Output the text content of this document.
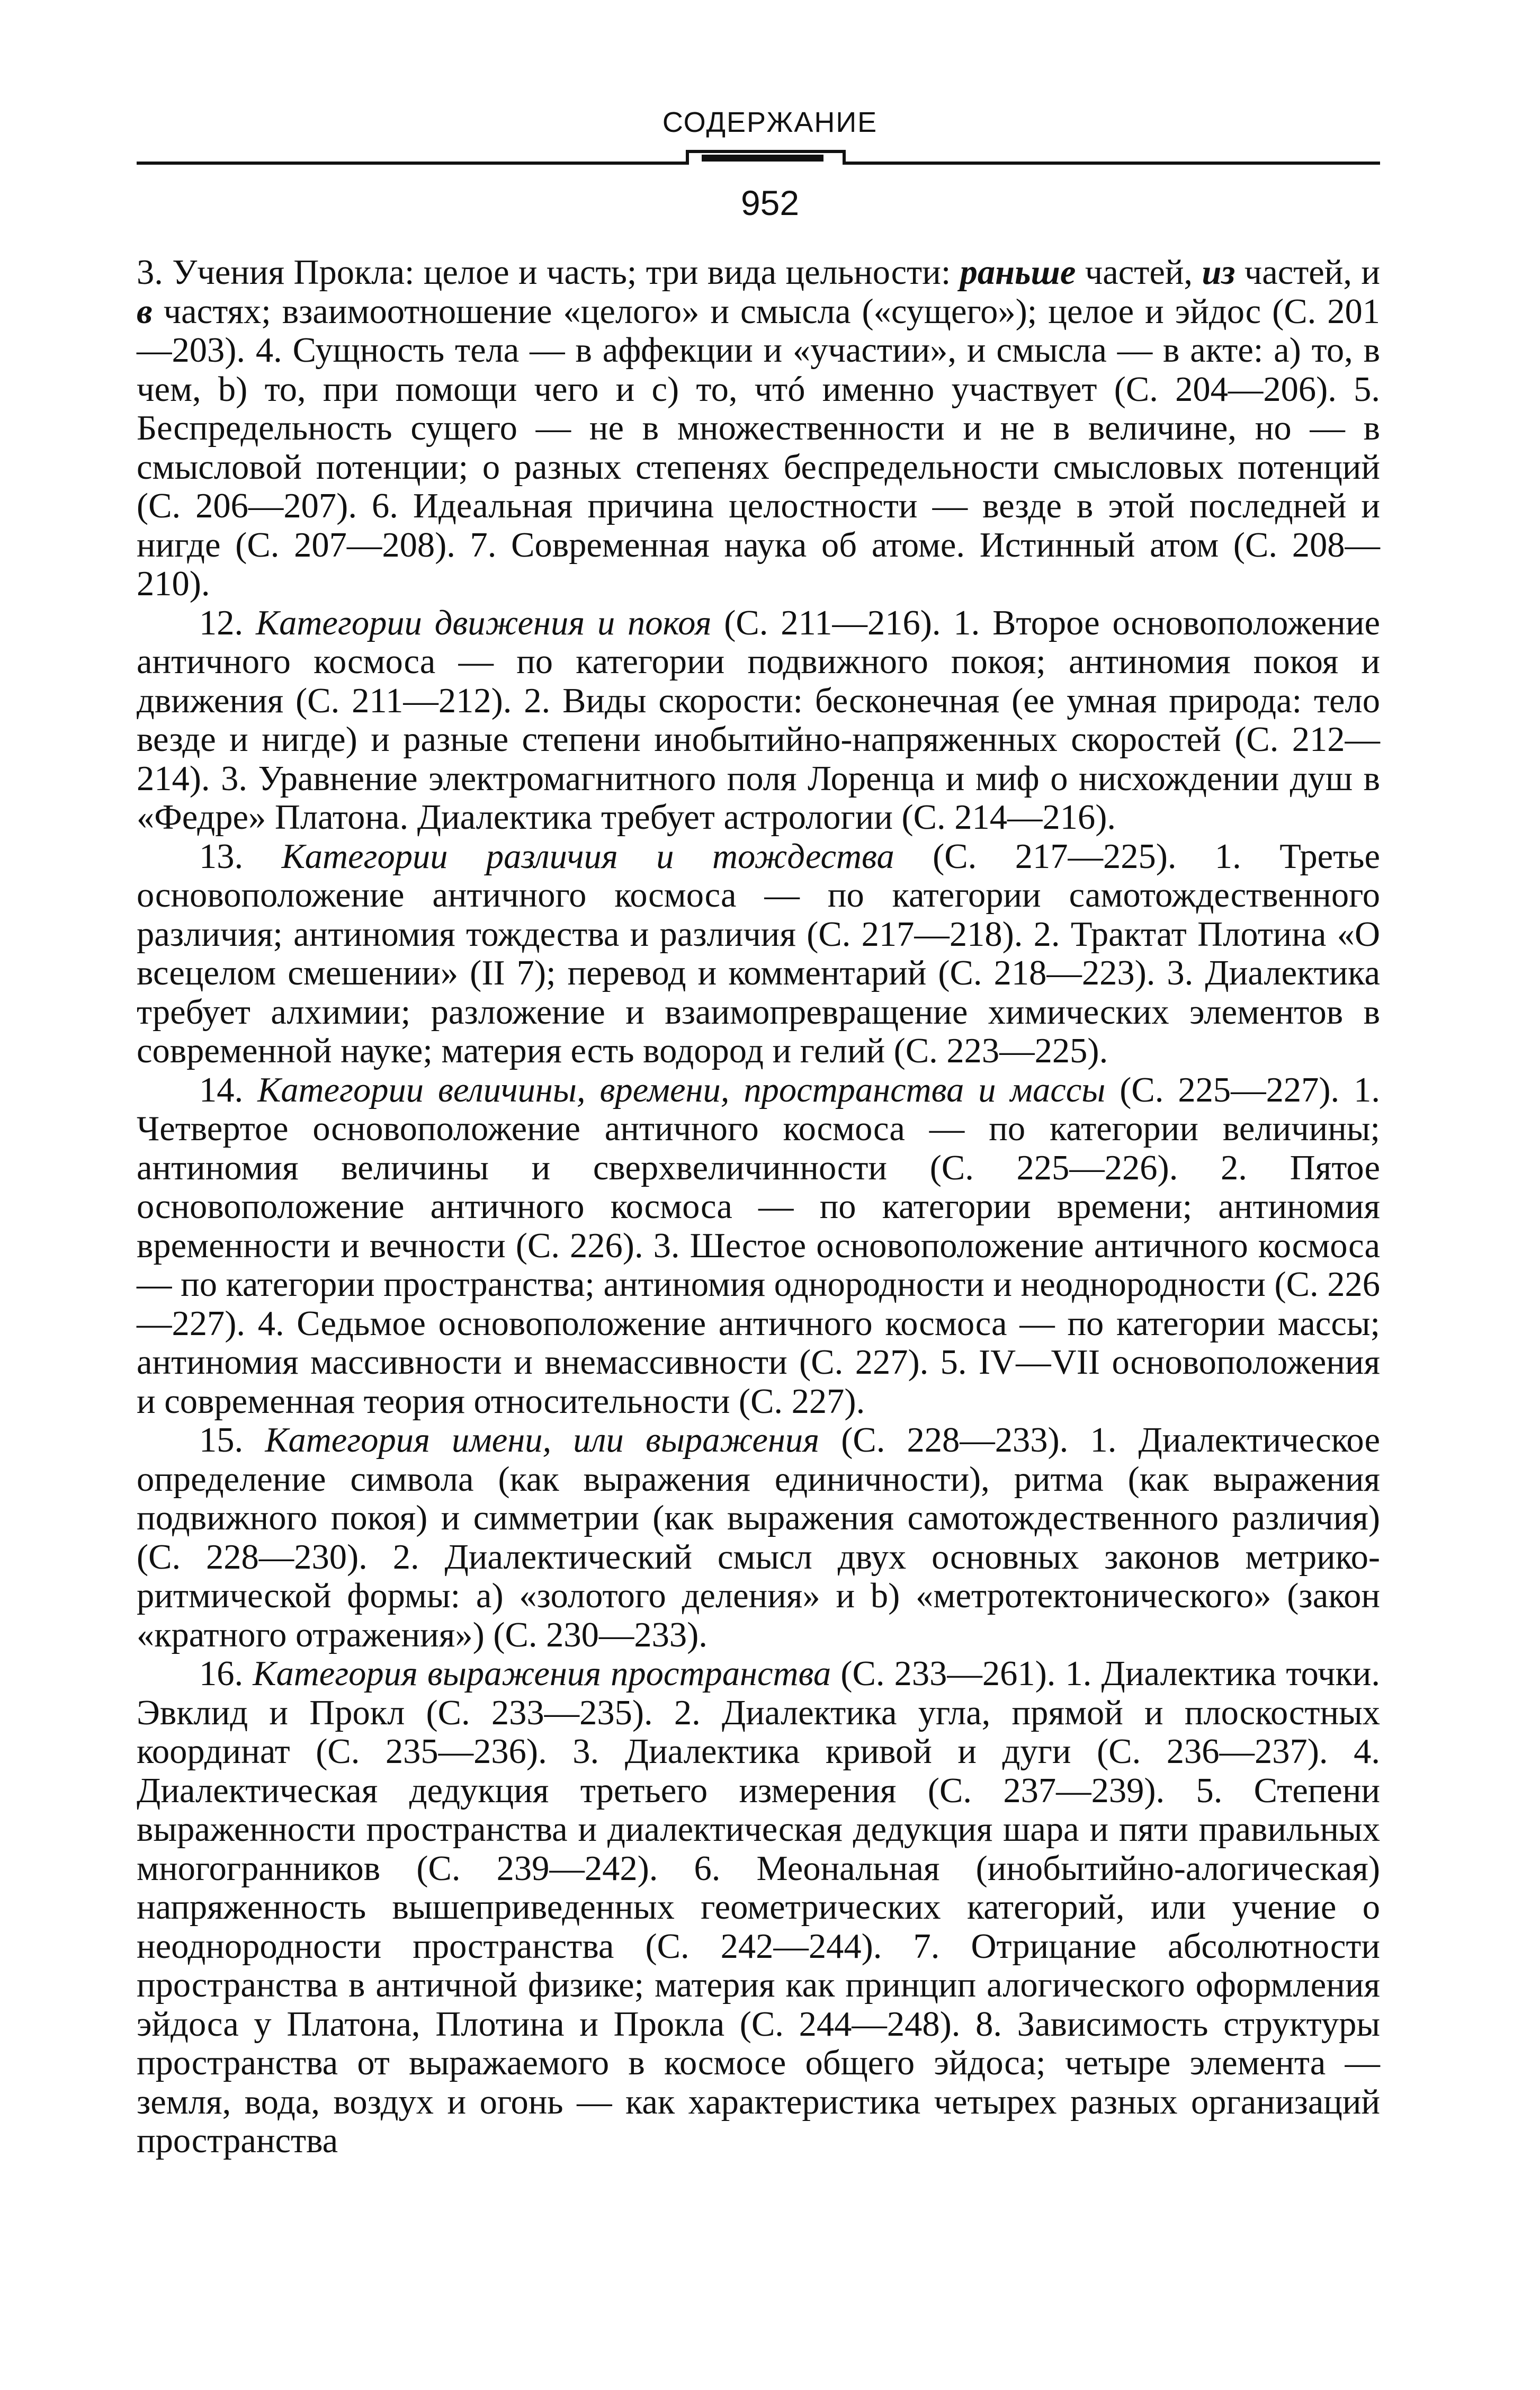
СОДЕРЖАНИЕ
952

3. Учения Прокла: целое и часть; три вида цельности: раньше частей, из частей, и в частях; взаимоотношение «целого» и смысла («сущего»); целое и эйдос (С. 201—203). 4. Сущность тела — в аффекции и «участии», и смысла — в акте: a) то, в чем, b) то, при помощи чего и c) то, чтó именно участвует (С. 204—206). 5. Беспредельность сущего — не в множественности и не в величине, но — в смысловой потенции; о разных степенях беспредельности смысловых потенций (С. 206—207). 6. Идеальная причина целостности — везде в этой последней и нигде (С. 207—208). 7. Современная наука об атоме. Истинный атом (С. 208—210).

12. Категории движения и покоя (С. 211—216). 1. Второе основоположение античного космоса — по категории подвижного покоя; антиномия покоя и движения (С. 211—212). 2. Виды скорости: бесконечная (ее умная природа: тело везде и нигде) и разные степени инобытийно-напряженных скоростей (С. 212—214). 3. Уравнение электромагнитного поля Лоренца и миф о нисхождении душ в «Федре» Платона. Диалектика требует астрологии (С. 214—216).

13. Категории различия и тождества (С. 217—225). 1. Третье основоположение античного космоса — по категории самотождественного различия; антиномия тождества и различия (С. 217—218). 2. Трактат Плотина «О всецелом смешении» (II 7); перевод и комментарий (С. 218—223). 3. Диалектика требует алхимии; разложение и взаимопревращение химических элементов в современной науке; материя есть водород и гелий (С. 223—225).

14. Категории величины, времени, пространства и массы (С. 225—227). 1. Четвертое основоположение античного космоса — по категории величины; антиномия величины и сверхвеличинности (С. 225—226). 2. Пятое основоположение античного космоса — по категории времени; антиномия временности и вечности (С. 226). 3. Шестое основоположение античного космоса — по категории пространства; антиномия однородности и неоднородности (С. 226—227). 4. Седьмое основоположение античного космоса — по категории массы; антиномия массивности и внемассивности (С. 227). 5. IV—VII основоположения и современная теория относительности (С. 227).

15. Категория имени, или выражения (С. 228—233). 1. Диалектическое определение символа (как выражения единичности), ритма (как выражения подвижного покоя) и симметрии (как выражения самотождественного различия) (С. 228—230). 2. Диалектический смысл двух основных законов метрико-ритмической формы: a) «золотого деления» и b) «метротектонического» (закон «кратного отражения») (С. 230—233).

16. Категория выражения пространства (С. 233—261). 1. Диалектика точки. Эвклид и Прокл (С. 233—235). 2. Диалектика угла, прямой и плоскостных координат (С. 235—236). 3. Диалектика кривой и дуги (С. 236—237). 4. Диалектическая дедукция третьего измерения (С. 237—239). 5. Степени выраженности пространства и диалектическая дедукция шара и пяти правильных многогранников (С. 239—242). 6. Меональная (инобытийно-алогическая) напряженность вышеприведенных геометрических категорий, или учение о неоднородности пространства (С. 242—244). 7. Отрицание абсолютности пространства в античной физике; материя как принцип алогического оформления эйдоса у Платона, Плотина и Прокла (С. 244—248). 8. Зависимость структуры пространства от выражаемого в космосе общего эйдоса; четыре элемента — земля, вода, воздух и огонь — как характеристика четырех разных организаций пространства
